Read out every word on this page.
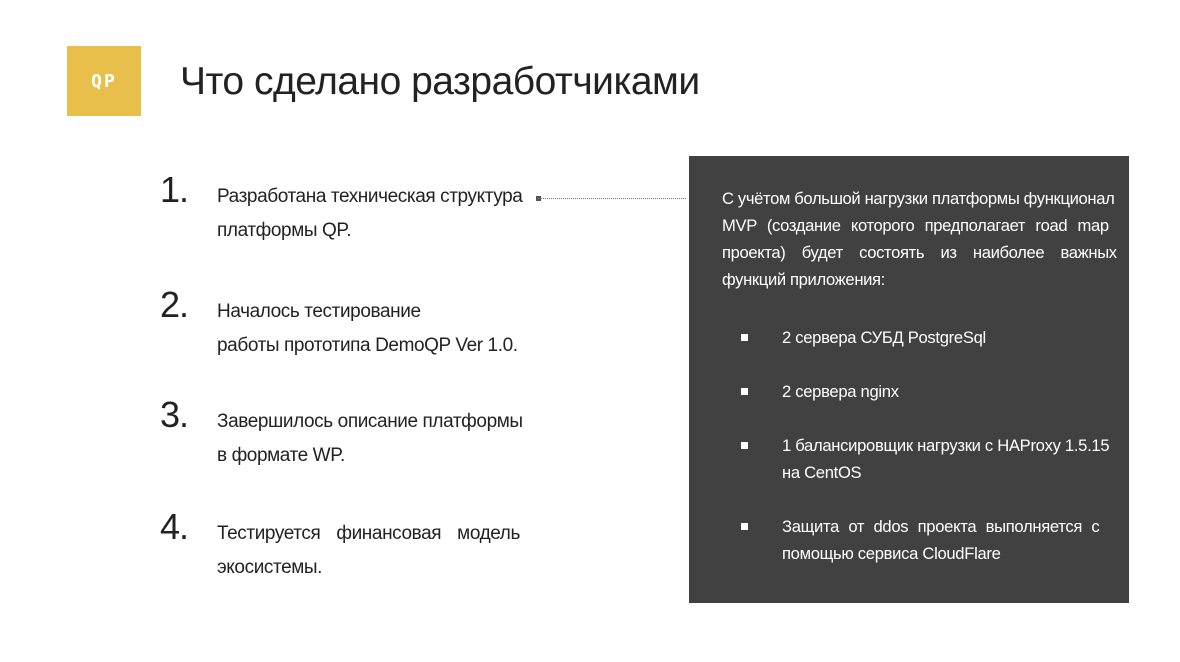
QP Что сделано разработчиками
1. Разработана техническая структура
платформы QP.
2. Началось тестирование
работы прототипа DemoQP Ver 1.0.
3. Завершилось описание платформы
в формате WP.
4. Тестируется финансовая модель
экосистемы.
С учётом большой нагрузки платформы функционал
MVP (создание которого предполагает road map
проекта) будет состоять из наиболее важных
функций приложения:
2 сервера СУБД PostgreSql
2 сервера nginx
1 балансировщик нагрузки с HAProxy 1.5.15
на CentOS
Защита от ddos проекта выполняется с
помощью сервиса CloudFlare
